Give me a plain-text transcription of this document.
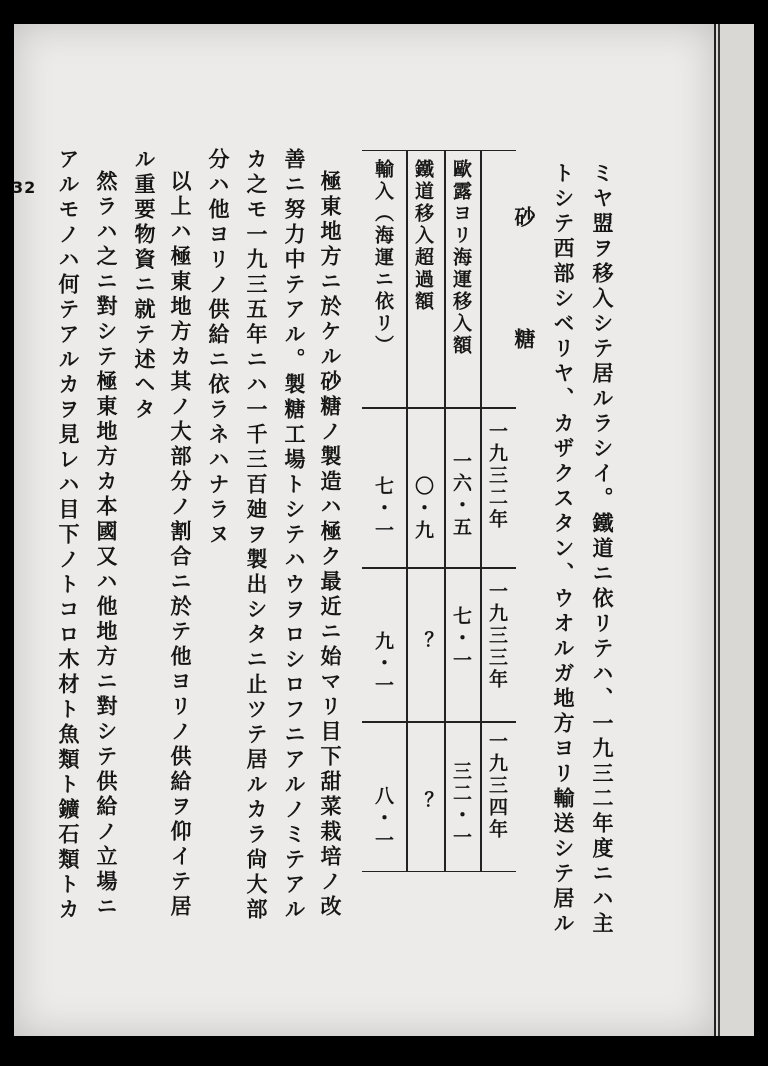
32	ミヤ盟ヲ移入シテ居ルラシイ。鐵道ニ依リテハ、一九三二年度ニハ主
トシテ西部シベリヤ、カザクスタン、ウオルガ地方ヨリ輸送シテ居ル
砂　糖
一九三二年
一九三三年
一九三四年
歐露ヨリ海運移入額
一六・五
七・一
三二・一
鐵道移入超過額
〇・九
？
？
輸入（海運ニ依リ）
七・一
九・一
八・一
極東地方ニ於ケル砂糖ノ製造ハ極ク最近ニ始マリ目下甜菜栽培ノ改
善ニ努力中テアル。製糖工場トシテハウヲロシロフニアルノミテアル
カ之モ一九三五年ニハ一千三百廸ヲ製出シタニ止ツテ居ルカラ尙大部
分ハ他ヨリノ供給ニ依ラネハナラヌ
以上ハ極東地方カ其ノ大部分ノ割合ニ於テ他ヨリノ供給ヲ仰イテ居
ル重要物資ニ就テ述ヘタ
然ラハ之ニ對シテ極東地方カ本國又ハ他地方ニ對シテ供給ノ立場ニ
アルモノハ何テアルカヲ見レハ目下ノトコロ木材ト魚類ト鑛石類トカ
